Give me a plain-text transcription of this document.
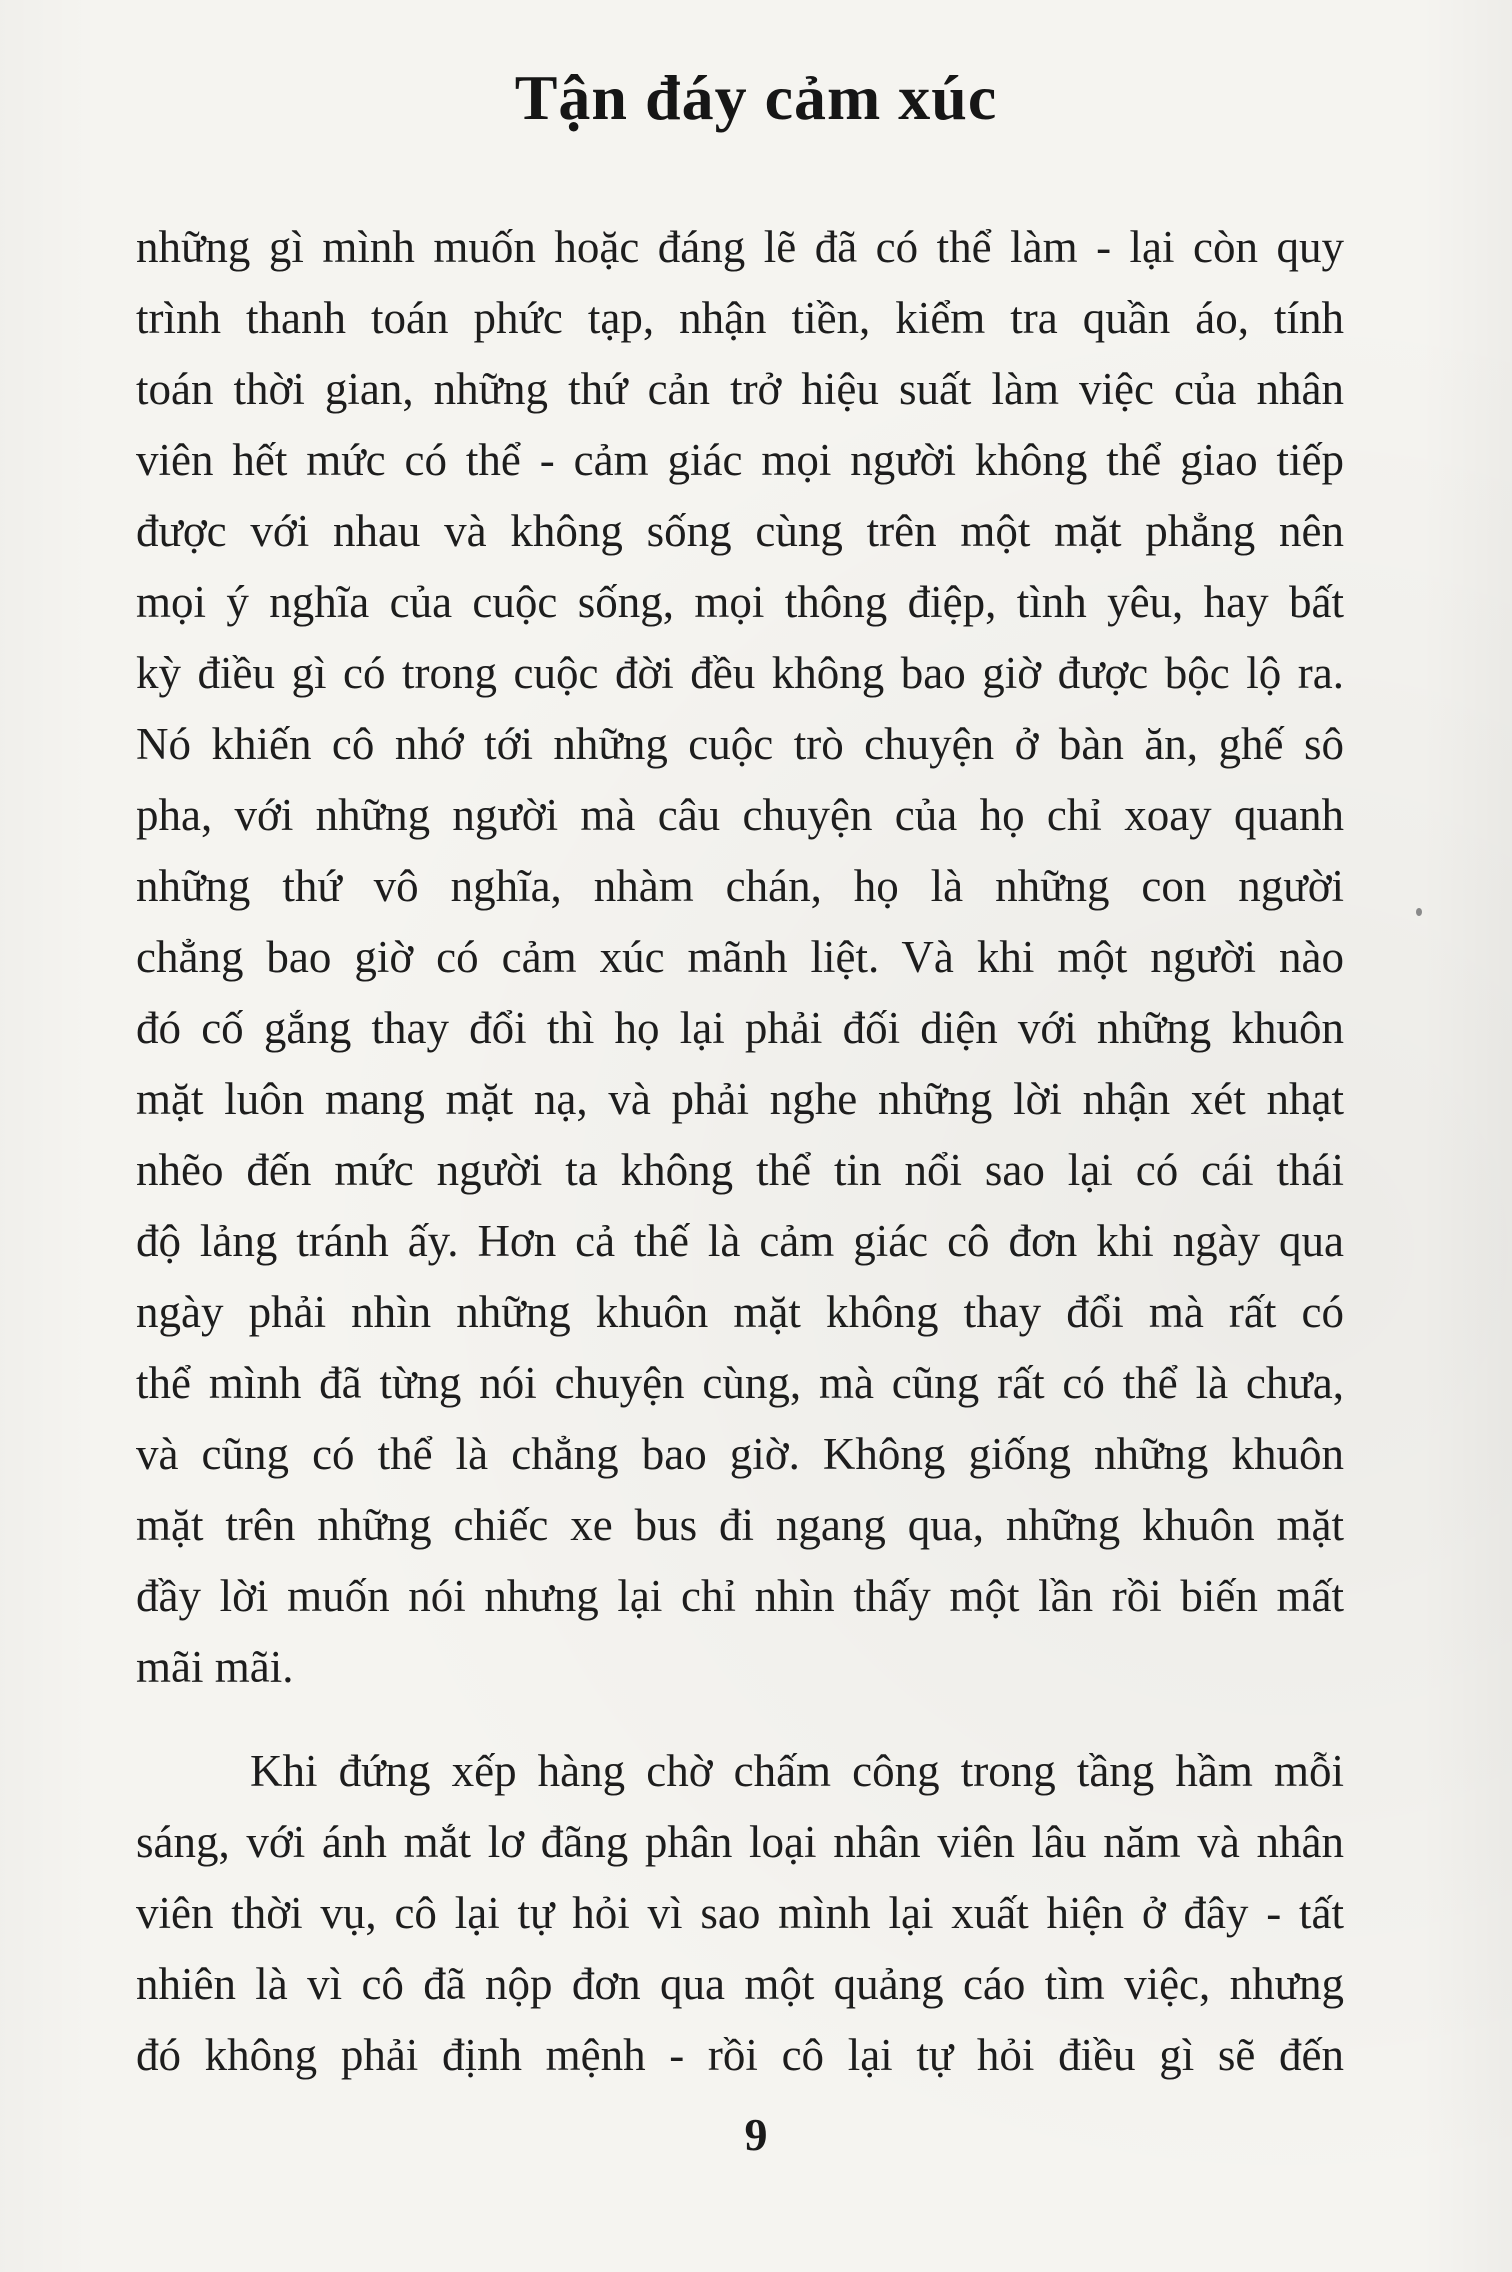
Tận đáy cảm xúc

những gì mình muốn hoặc đáng lẽ đã có thể làm - lại còn quy
trình thanh toán phức tạp, nhận tiền, kiểm tra quần áo, tính
toán thời gian, những thứ cản trở hiệu suất làm việc của nhân
viên hết mức có thể - cảm giác mọi người không thể giao tiếp
được với nhau và không sống cùng trên một mặt phẳng nên
mọi ý nghĩa của cuộc sống, mọi thông điệp, tình yêu, hay bất
kỳ điều gì có trong cuộc đời đều không bao giờ được bộc lộ ra.
Nó khiến cô nhớ tới những cuộc trò chuyện ở bàn ăn, ghế sô
pha, với những người mà câu chuyện của họ chỉ xoay quanh
những thứ vô nghĩa, nhàm chán, họ là những con người
chẳng bao giờ có cảm xúc mãnh liệt. Và khi một người nào
đó cố gắng thay đổi thì họ lại phải đối diện với những khuôn
mặt luôn mang mặt nạ, và phải nghe những lời nhận xét nhạt
nhẽo đến mức người ta không thể tin nổi sao lại có cái thái
độ lảng tránh ấy. Hơn cả thế là cảm giác cô đơn khi ngày qua
ngày phải nhìn những khuôn mặt không thay đổi mà rất có
thể mình đã từng nói chuyện cùng, mà cũng rất có thể là chưa,
và cũng có thể là chẳng bao giờ. Không giống những khuôn
mặt trên những chiếc xe bus đi ngang qua, những khuôn mặt
đầy lời muốn nói nhưng lại chỉ nhìn thấy một lần rồi biến mất
mãi mãi.

Khi đứng xếp hàng chờ chấm công trong tầng hầm mỗi
sáng, với ánh mắt lơ đãng phân loại nhân viên lâu năm và nhân
viên thời vụ, cô lại tự hỏi vì sao mình lại xuất hiện ở đây - tất
nhiên là vì cô đã nộp đơn qua một quảng cáo tìm việc, nhưng
đó không phải định mệnh - rồi cô lại tự hỏi điều gì sẽ đến

9
